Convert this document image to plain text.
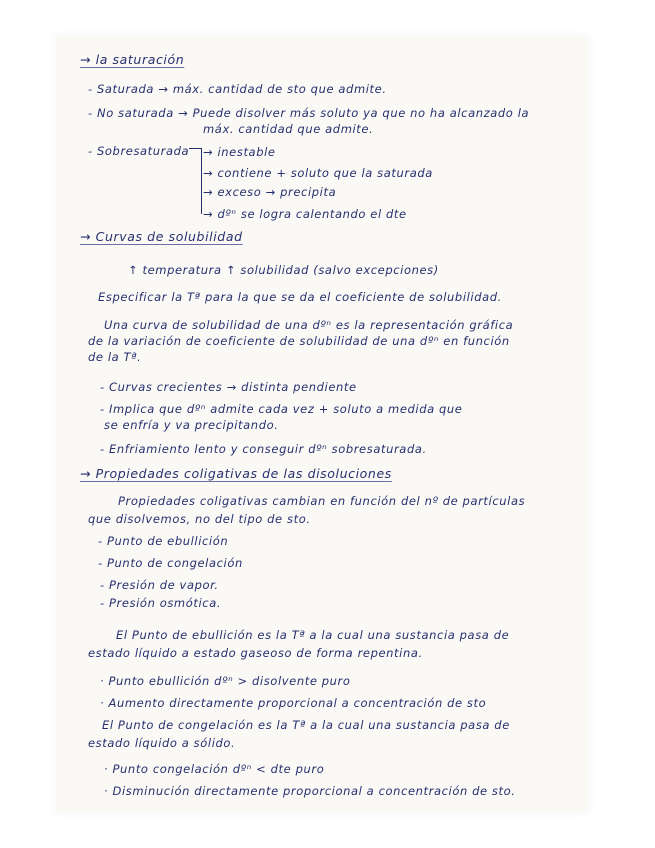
→ la saturación
- Saturada → máx. cantidad de sto que admite.
- No saturada → Puede disolver más soluto ya que no ha alcanzado la
máx. cantidad que admite.
- Sobresaturada → inestable
→ contiene + soluto que la saturada
→ exceso → precipita
→ dºⁿ se logra calentando el dte
→ Curvas de solubilidad
↑ temperatura ↑ solubilidad (salvo excepciones)
Especificar la Tª para la que se da el coeficiente de solubilidad.
Una curva de solubilidad de una dºⁿ es la representación gráfica
de la variación de coeficiente de solubilidad de una dºⁿ en función
de la Tª.
- Curvas crecientes → distinta pendiente
- Implica que dºⁿ admite cada vez + soluto a medida que
se enfría y va precipitando.
- Enfriamiento lento y conseguir dºⁿ sobresaturada.
→ Propiedades coligativas de las disoluciones
Propiedades coligativas cambian en función del nº de partículas
que disolvemos, no del tipo de sto.
- Punto de ebullición
- Punto de congelación
- Presión de vapor.
- Presión osmótica.
El Punto de ebullición es la Tª a la cual una sustancia pasa de
estado líquido a estado gaseoso de forma repentina.
· Punto ebullición dºⁿ > disolvente puro
· Aumento directamente proporcional a concentración de sto
El Punto de congelación es la Tª a la cual una sustancia pasa de
estado líquido a sólido.
· Punto congelación dºⁿ < dte puro
· Disminución directamente proporcional a concentración de sto.
